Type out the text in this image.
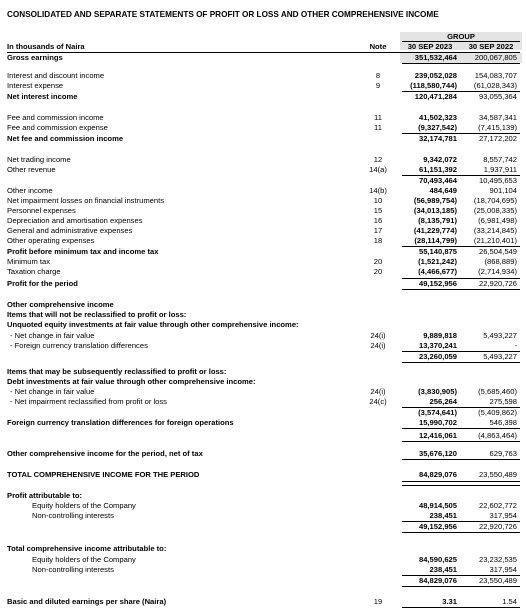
CONSOLIDATED AND SEPARATE STATEMENTS OF PROFIT OR LOSS AND OTHER COMPREHENSIVE INCOME
GROUP
30 SEP 2023	30 SEP 2022
In thousands of Naira	Note
Gross earnings	351,532,464	200,067,805
Interest and discount income	8	239,052,028	154,083,707
Interest expense	9	(118,580,744)	(61,028,343)
Net interest income	120,471,284	93,055,364
Fee and commission income	11	41,502,323	34,587,341
Fee and commission expense	11	(9,327,542)	(7,415,139)
Net fee and commission income	32,174,781	27,172,202
Net trading income	12	9,342,072	8,557,742
Other revenue	14(a)	61,151,392	1,937,911
70,493,464	10,495,653
Other income	14(b)	484,649	901,104
Net impairment losses on financial instruments	10	(56,989,754)	(18,704,695)
Personnel expenses	15	(34,013,185)	(25,008,335)
Depreciation and amortisation expenses	16	(8,135,791)	(6,981,498)
General and administrative expenses	17	(41,229,774)	(33,214,845)
Other operating expenses	18	(28,114,799)	(21,210,401)
Profit before minimum tax and income tax	55,140,875	26,504,549
Minimum tax	20	(1,521,242)	(868,889)
Taxation charge	20	(4,466,677)	(2,714,934)
Profit for the period	49,152,956	22,920,726
Other comprehensive income
Items that will not be reclassified to profit or loss:
Unquoted equity investments at fair value through other comprehensive income:
- Net change in fair value	24(i)	9,889,818	5,493,227
- Foreign currency translation differences	24(i)	13,370,241	-
23,260,059	5,493,227
Items that may be subsequently reclassified to profit or loss:
Debt investments at fair value through other comprehensive income:
- Net change in fair value	24(i)	(3,830,905)	(5,685,460)
- Net impairment reclassified from profit or loss	24(c)	256,264	275,598
(3,574,641)	(5,409,862)
Foreign currency translation differences for foreign operations	15,990,702	546,398
12,416,061	(4,863,464)
Other comprehensive income for the period, net of tax	35,676,120	629,763
TOTAL COMPREHENSIVE INCOME FOR THE PERIOD	84,829,076	23,550,489
Profit attributable to:
Equity holders of the Company	48,914,505	22,602,772
Non-controlling interests	238,451	317,954
49,152,956	22,920,726
Total comprehensive income attributable to:
Equity holders of the Company	84,590,625	23,232,535
Non-controlling interests	238,451	317,954
84,829,076	23,550,489
Basic and diluted earnings per share (Naira)	19	3.31	1.54
